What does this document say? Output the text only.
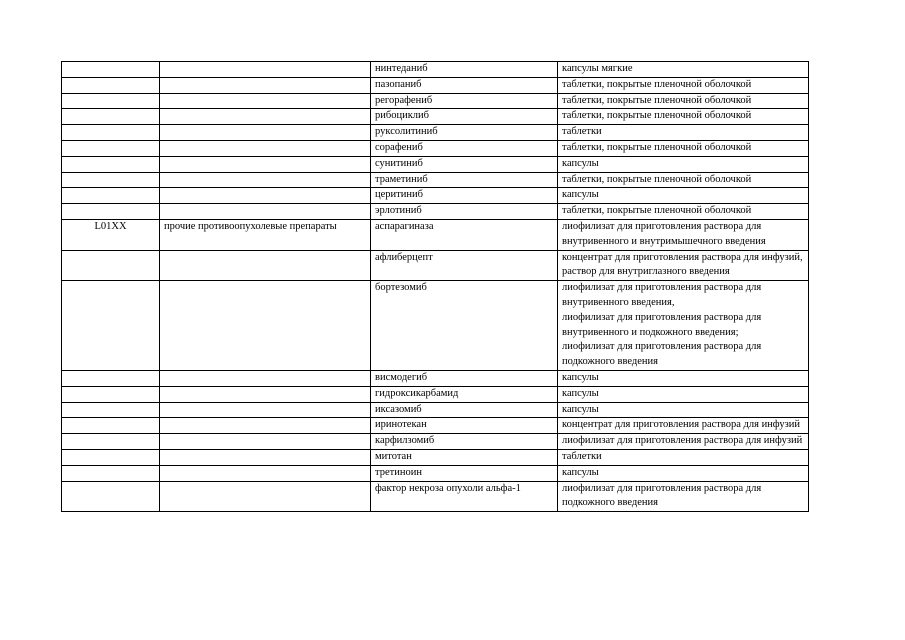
		нинтеданиб	капсулы мягкие
		пазопаниб	таблетки, покрытые пленочной оболочкой
		регорафениб	таблетки, покрытые пленочной оболочкой
		рибоциклиб	таблетки, покрытые пленочной оболочкой
		руксолитиниб	таблетки
		сорафениб	таблетки, покрытые пленочной оболочкой
		сунитиниб	капсулы
		траметиниб	таблетки, покрытые пленочной оболочкой
		церитиниб	капсулы
		эрлотиниб	таблетки, покрытые пленочной оболочкой
L01XX	прочие противоопухолевые препараты	аспарагиназа	лиофилизат для приготовления раствора для внутривенного и внутримышечного введения
		афлиберцепт	концентрат для приготовления раствора для инфузий,
раствор для внутриглазного введения
		бортезомиб	лиофилизат для приготовления раствора для внутривенного введения,
лиофилизат для приготовления раствора для внутривенного и подкожного введения;
лиофилизат для приготовления раствора для подкожного введения
		висмодегиб	капсулы
		гидроксикарбамид	капсулы
		иксазомиб	капсулы
		иринотекан	концентрат для приготовления раствора для инфузий
		карфилзомиб	лиофилизат для приготовления раствора для инфузий
		митотан	таблетки
		третиноин	капсулы
		фактор некроза опухоли альфа-1	лиофилизат для приготовления раствора для подкожного введения
